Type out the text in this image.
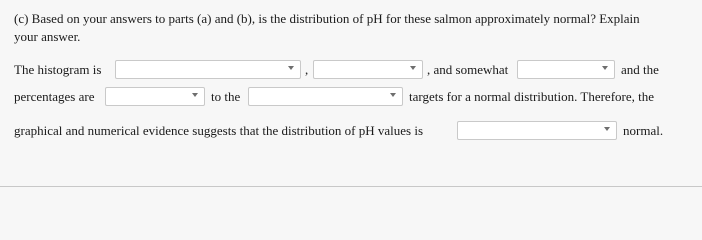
(c) Based on your answers to parts (a) and (b), is the distribution of pH for these salmon approximately normal? Explain
your answer.
The histogram is	,	, and somewhat	and the
percentages are	to the	targets for a normal distribution. Therefore, the
graphical and numerical evidence suggests that the distribution of pH values is	normal.
